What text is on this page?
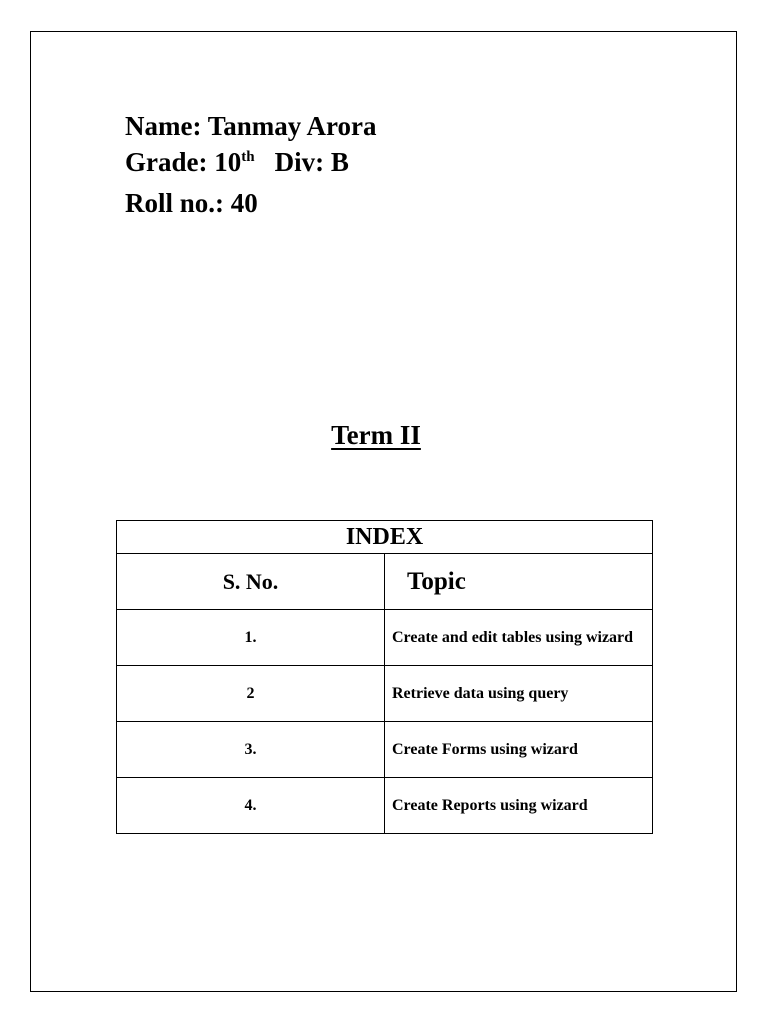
Name: Tanmay Arora
Grade: 10th Div: B
Roll no.: 40
Term II
INDEX	
S. No.	Topic
1.	Create and edit tables using wizard
2	Retrieve data using query
3.	Create Forms using wizard
4.	Create Reports using wizard
